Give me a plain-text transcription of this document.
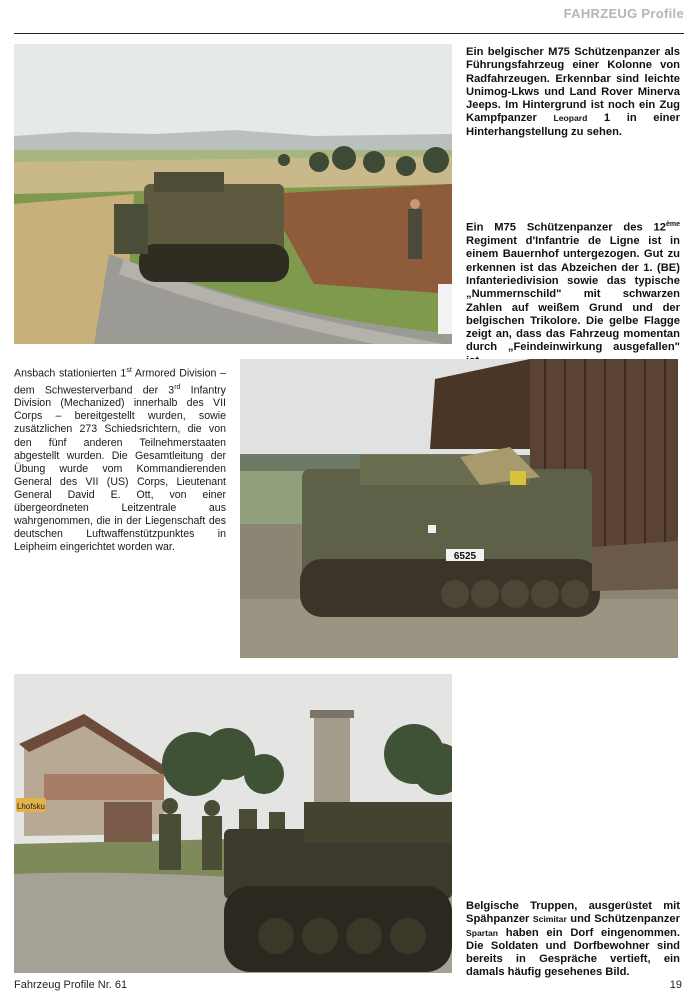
FAHRZEUG Profile
Ein belgischer M75 Schützenpanzer als Führungsfahrzeug einer Kolonne von Radfahrzeugen. Erkennbar sind leichte Unimog-Lkws und Land Rover Minerva Jeeps. Im Hintergrund ist noch ein Zug Kampfpanzer Leopard 1 in einer Hinterhangstellung zu sehen.
Ein M75 Schützenpanzer des 12ème Regiment d'Infantrie de Ligne ist in einem Bauernhof untergezogen. Gut zu erkennen ist das Abzeichen der 1. (BE) Infanteriedivision sowie das typische „Nummernschild" mit schwarzen Zahlen auf weißem Grund und der belgischen Trikolore. Die gelbe Flagge zeigt an, dass das Fahrzeug momentan durch „Feindeinwirkung ausgefallen"
Ansbach stationierten 1st Armored Division – dem Schwesterverband der 3rd Infantry Division (Mechanized) innerhalb des VII Corps – bereitgestellt wurden, sowie zusätzlichen 273 Schiedsrichtern, die von den fünf anderen Teilnehmerstaaten abgestellt wurden. Die Gesamtleitung der Übung wurde vom Kommandierenden General des VII (US) Corps, Lieutenant General David E. Ott, von einer übergeordneten Leitzentrale aus wahrgenommen, die in der Liegenschaft des deutschen Luftwaffenstützpunktes in Leipheim eingerichtet worden war.
6525
Lhofsku
Belgische Truppen, ausgerüstet mit Spähpanzer Scimitar und Schützenpanzer Spartan haben ein Dorf eingenommen. Die Soldaten und Dorfbewohner sind bereits in Gespräche vertieft, ein damals häufig gesehenes Bild.
Fahrzeug Profile Nr. 61	19
